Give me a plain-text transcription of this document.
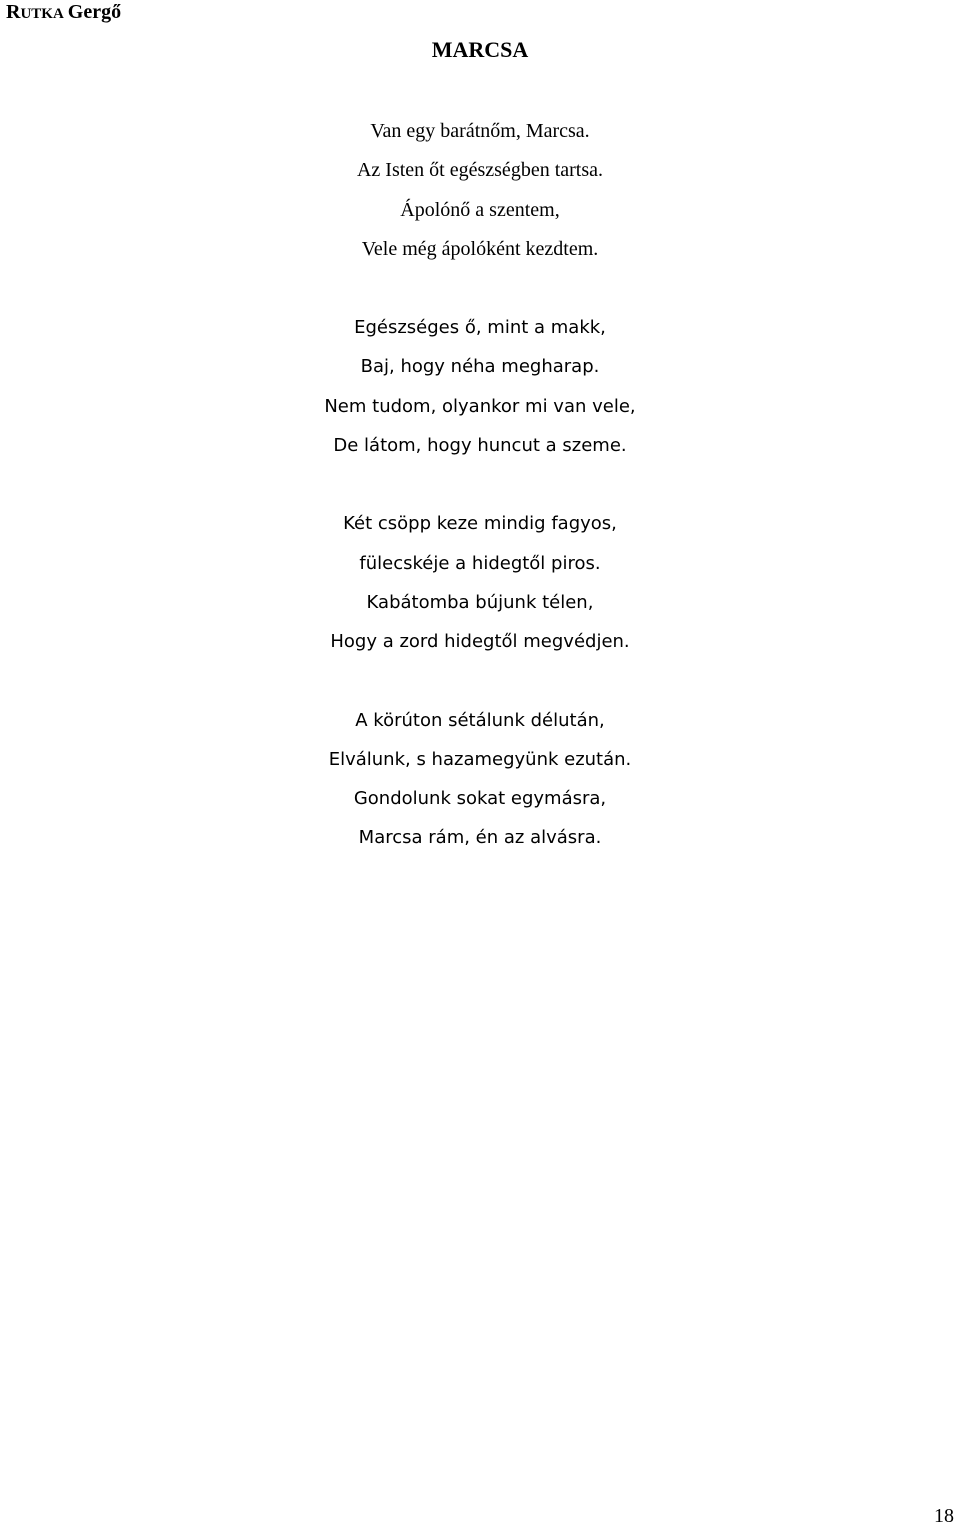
RUTKA Gergő
MARCSA
Van egy barátnőm, Marcsa.
Az Isten őt egészségben tartsa.
Ápolónő a szentem,
Vele még ápolóként kezdtem.
Egészséges ő, mint a makk,
Baj, hogy néha megharap.
Nem tudom, olyankor mi van vele,
De látom, hogy huncut a szeme.
Két csöpp keze mindig fagyos,
fülecskéje a hidegtől piros.
Kabátomba bújunk télen,
Hogy a zord hidegtől megvédjen.
A körúton sétálunk délután,
Elválunk, s hazamegyünk ezután.
Gondolunk sokat egymásra,
Marcsa rám, én az alvásra.
18
